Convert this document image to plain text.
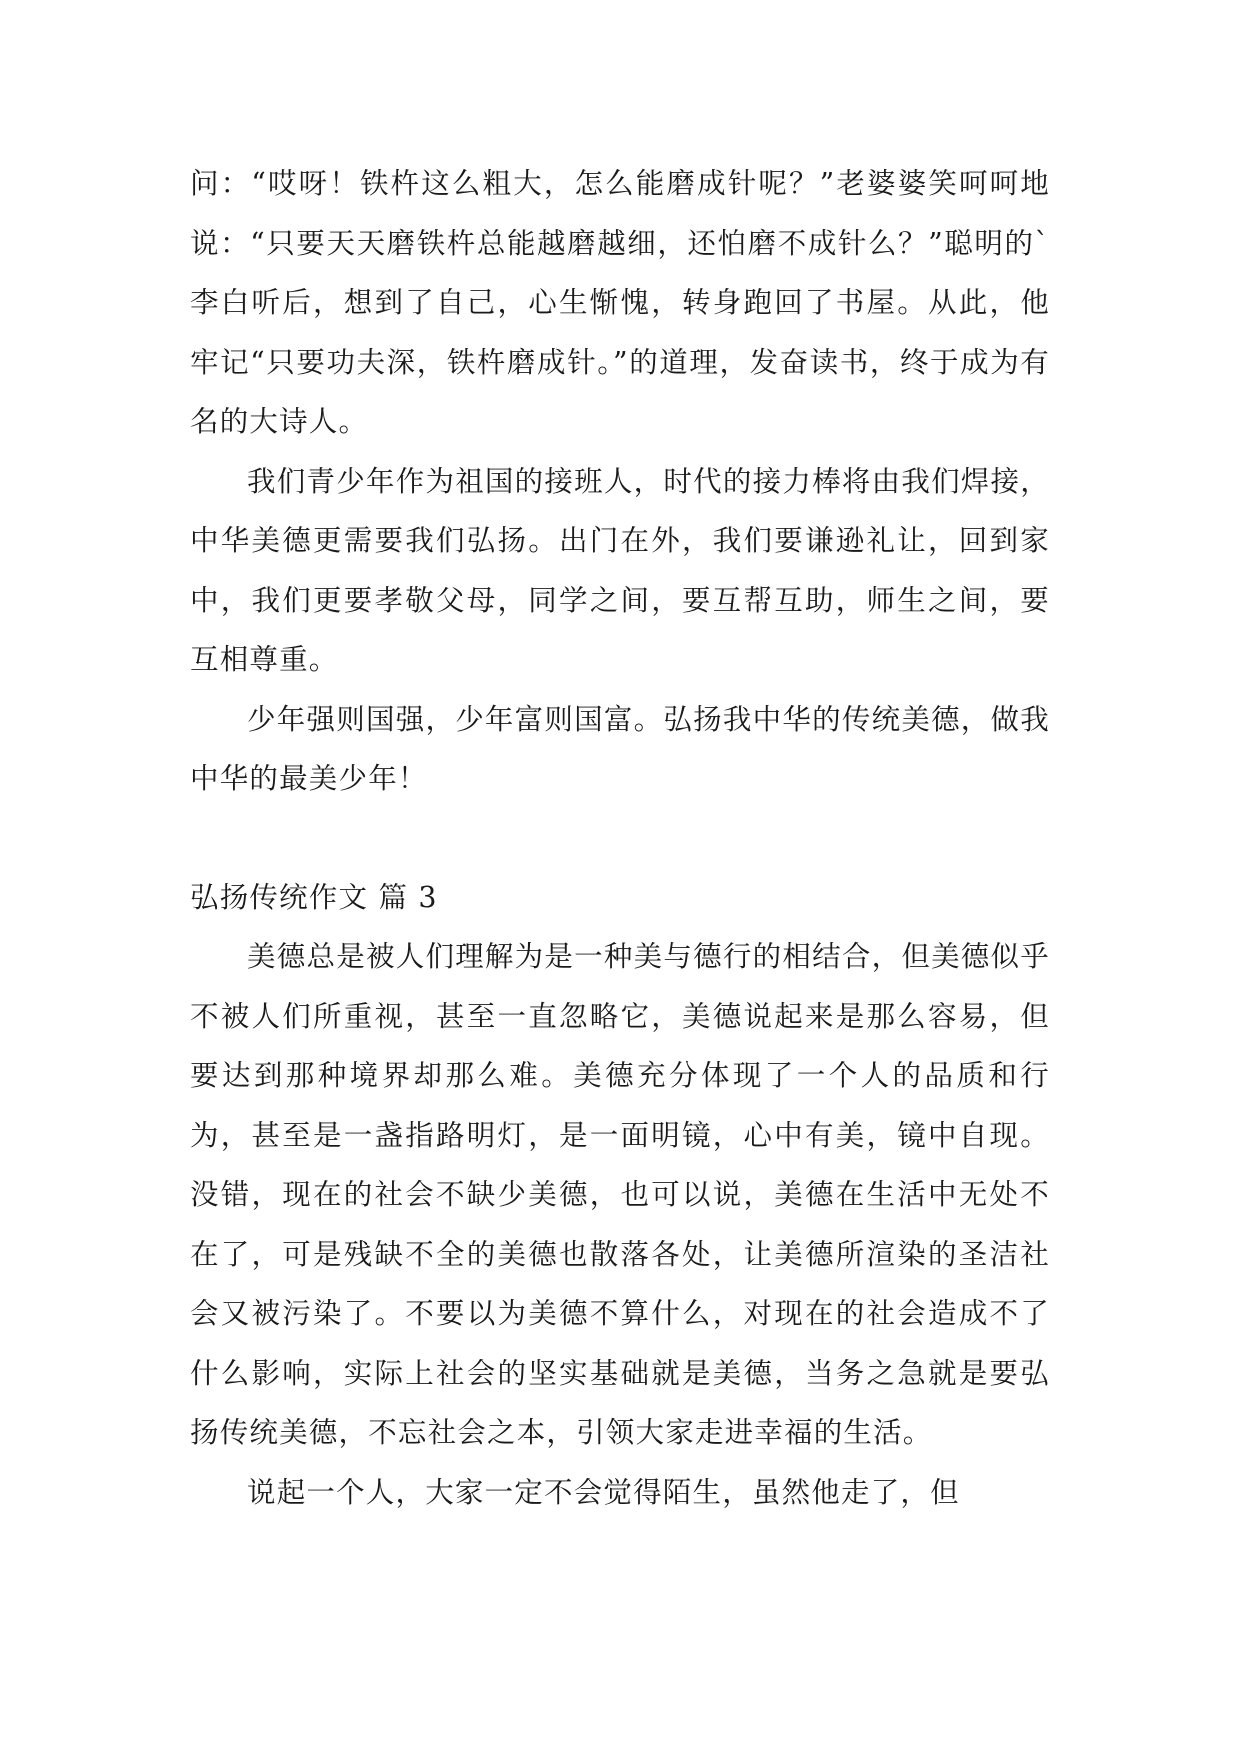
问：“哎呀！铁杵这么粗大，怎么能磨成针呢？”老婆婆笑呵呵地说：“只要天天磨铁杵总能越磨越细，还怕磨不成针么？”聪明的`李白听后，想到了自己，心生惭愧，转身跑回了书屋。从此，他牢记“只要功夫深，铁杵磨成针。”的道理，发奋读书，终于成为有名的大诗人。

我们青少年作为祖国的接班人，时代的接力棒将由我们焊接，中华美德更需要我们弘扬。出门在外，我们要谦逊礼让，回到家中，我们更要孝敬父母，同学之间，要互帮互助，师生之间，要互相尊重。

少年强则国强，少年富则国富。弘扬我中华的传统美德，做我中华的最美少年！

弘扬传统作文 篇 3

美德总是被人们理解为是一种美与德行的相结合，但美德似乎不被人们所重视，甚至一直忽略它，美德说起来是那么容易，但要达到那种境界却那么难。美德充分体现了一个人的品质和行为，甚至是一盏指路明灯，是一面明镜，心中有美，镜中自现。没错，现在的社会不缺少美德，也可以说，美德在生活中无处不在了，可是残缺不全的美德也散落各处，让美德所渲染的圣洁社会又被污染了。不要以为美德不算什么，对现在的社会造成不了什么影响，实际上社会的坚实基础就是美德，当务之急就是要弘扬传统美德，不忘社会之本，引领大家走进幸福的生活。

说起一个人，大家一定不会觉得陌生，虽然他走了，但
